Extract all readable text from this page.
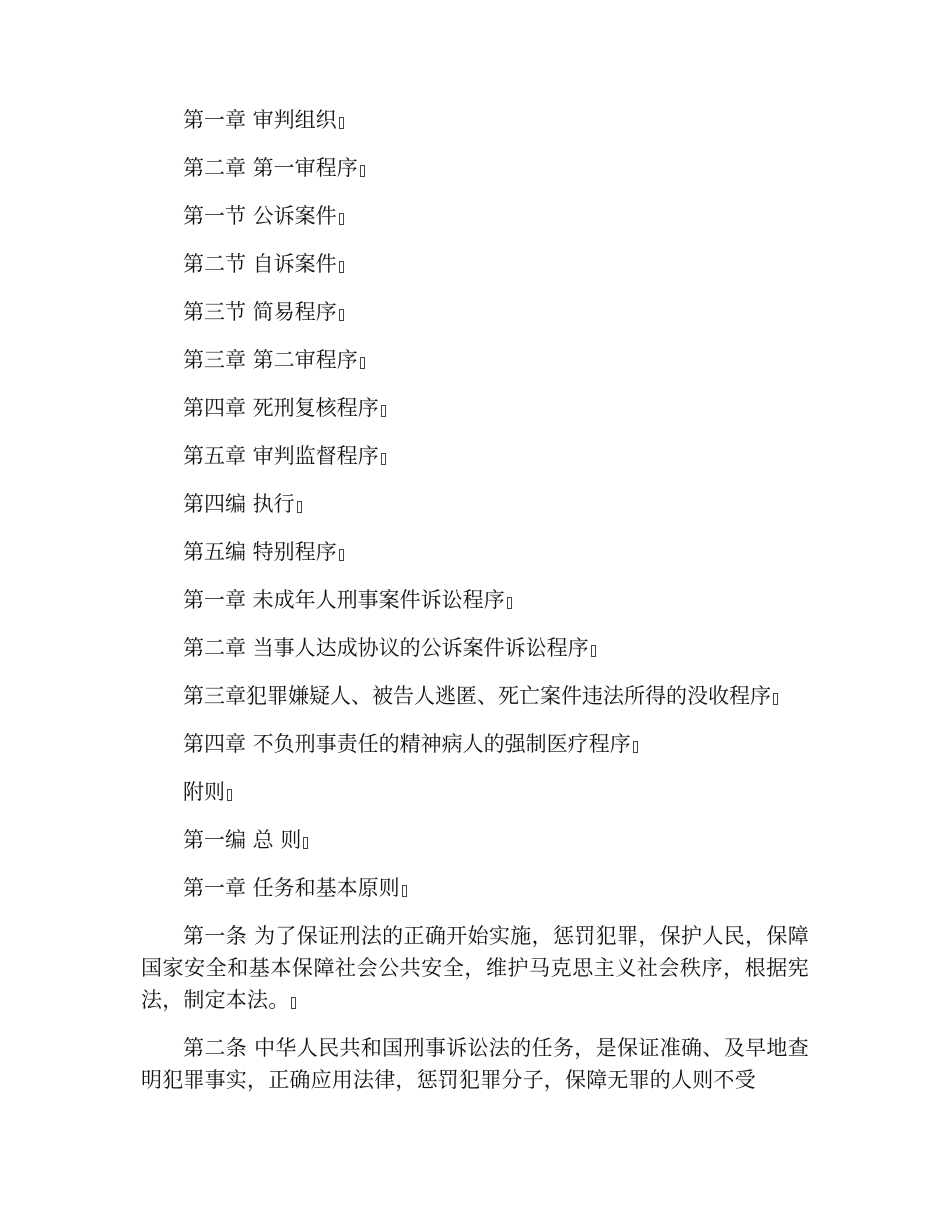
第一章 审判组织
第二章 第一审程序
第一节 公诉案件
第二节 自诉案件
第三节 简易程序
第三章 第二审程序
第四章 死刑复核程序
第五章 审判监督程序
第四编 执行
第五编 特别程序
第一章 未成年人刑事案件诉讼程序
第二章 当事人达成协议的公诉案件诉讼程序
第三章犯罪嫌疑人、被告人逃匿、死亡案件违法所得的没收程序
第四章 不负刑事责任的精神病人的强制医疗程序
附则
第一编 总 则
第一章 任务和基本原则

第一条 为了保证刑法的正确开始实施，惩罚犯罪，保护人民，保障国家安全和基本保障社会公共安全，维护马克思主义社会秩序，根据宪法，制定本法。

第二条 中华人民共和国刑事诉讼法的任务，是保证准确、及早地查明犯罪事实，正确应用法律，惩罚犯罪分子，保障无罪的人则不受
